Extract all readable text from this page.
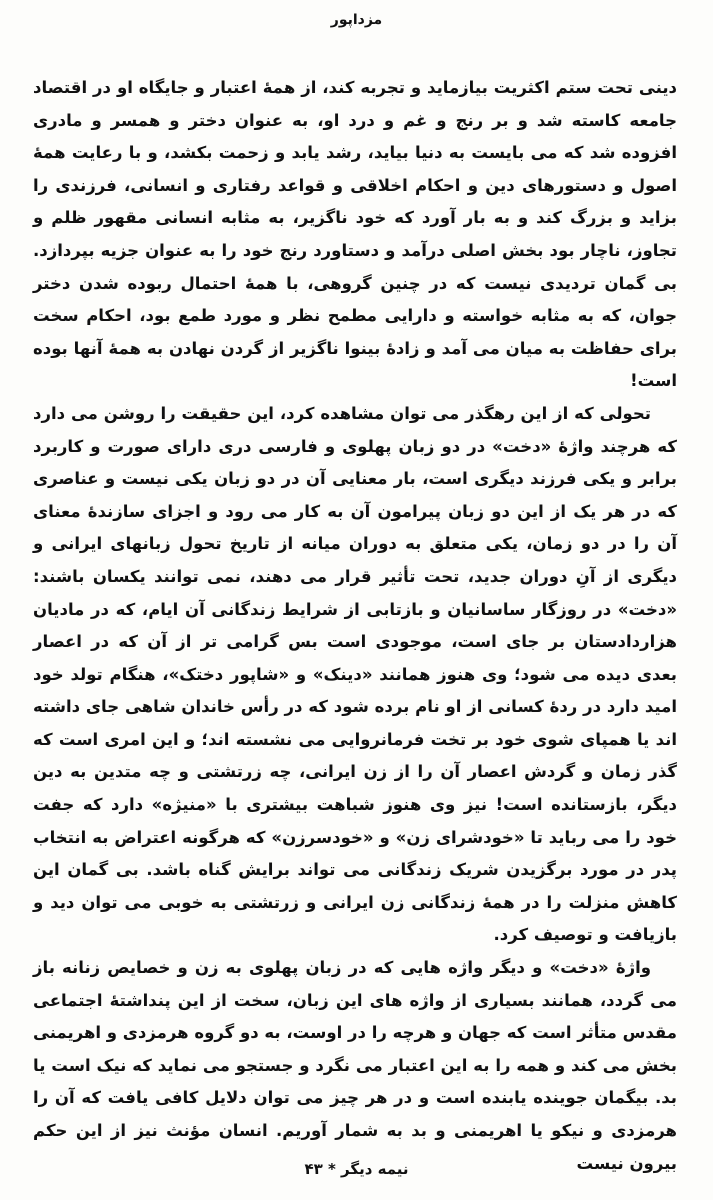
مزداپور

دینی تحت ستم اکثریت بیازماید و تجربه کند، از همهٔ اعتبار و جایگاه او در اقتصاد جامعه کاسته شد و بر رنج و غم و درد او، به عنوان دختر و همسر و مادری افزوده شد که می بایست به دنیا بیاید، رشد یابد و زحمت بکشد، و با رعایت همهٔ اصول و دستورهای دین و احکام اخلاقی و قواعد رفتاری و انسانی، فرزندی را بزاید و بزرگ کند و به بار آورد که خود ناگزیر، به مثابه انسانی مقهور ظلم و تجاوز، ناچار بود بخش اصلی درآمد و دستاورد رنج خود را به عنوان جزیه بپردازد. بی گمان تردیدی نیست که در چنین گروهی، با همهٔ احتمال ربوده شدن دختر جوان، که به مثابه خواسته و دارایی مطمح نظر و مورد طمع بود، احکام سخت برای حفاظت به میان می آمد و زادهٔ بینوا ناگزیر از گردن نهادن به همهٔ آنها بوده است!

تحولی که از این رهگذر می توان مشاهده کرد، این حقیقت را روشن می دارد که هرچند واژهٔ «دخت» در دو زبان پهلوی و فارسی دری دارای صورت و کاربرد برابر و یکی فرزند دیگری است، بار معنایی آن در دو زبان یکی نیست و عناصری که در هر یک از این دو زبان پیرامون آن به کار می رود و اجزای سازندهٔ معنای آن را در دو زمان، یکی متعلق به دوران میانه از تاریخ تحول زبانهای ایرانی و دیگری از آنِ دوران جدید، تحت تأثیر قرار می دهند، نمی توانند یکسان باشند: «دخت» در روزگار ساسانیان و بازتابی از شرایط زندگانی آن ایام، که در مادیان هزاردادستان بر جای است، موجودی است بس گرامی تر از آن که در اعصار بعدی دیده می شود؛ وی هنوز همانند «دینک» و «شاپور دختک»، هنگام تولد خود امید دارد در ردهٔ کسانی از او نام برده شود که در رأس خاندان شاهی جای داشته اند یا همپای شوی خود بر تخت فرمانروایی می نشسته اند؛ و این امری است که گذر زمان و گردش اعصار آن را از زن ایرانی، چه زرتشتی و چه متدین به دین دیگر، بازستانده است! نیز وی هنوز شباهت بیشتری با «منیژه» دارد که جفت خود را می رباید تا «خودشرای زن» و «خودسرزن» که هرگونه اعتراض به انتخاب پدر در مورد برگزیدن شریک زندگانی می تواند برایش گناه باشد. بی گمان این کاهش منزلت را در همهٔ زندگانی زن ایرانی و زرتشتی به خوبی می توان دید و بازیافت و توصیف کرد.

واژهٔ «دخت» و دیگر واژه هایی که در زبان پهلوی به زن و خصایص زنانه باز می گردد، همانند بسیاری از واژه های این زبان، سخت از این پنداشتهٔ اجتماعی مقدس متأثر است که جهان و هرچه را در اوست، به دو گروه هرمزدی و اهریمنی بخش می کند و همه را به این اعتبار می نگرد و جستجو می نماید که نیک است یا بد. بیگمان جوینده یابنده است و در هر چیز می توان دلایل کافی یافت که آن را هرمزدی و نیکو یا اهریمنی و بد به شمار آوریم. انسان مؤنث نیز از این حکم بیرون نیست

نیمه دیگر * ۴۳
